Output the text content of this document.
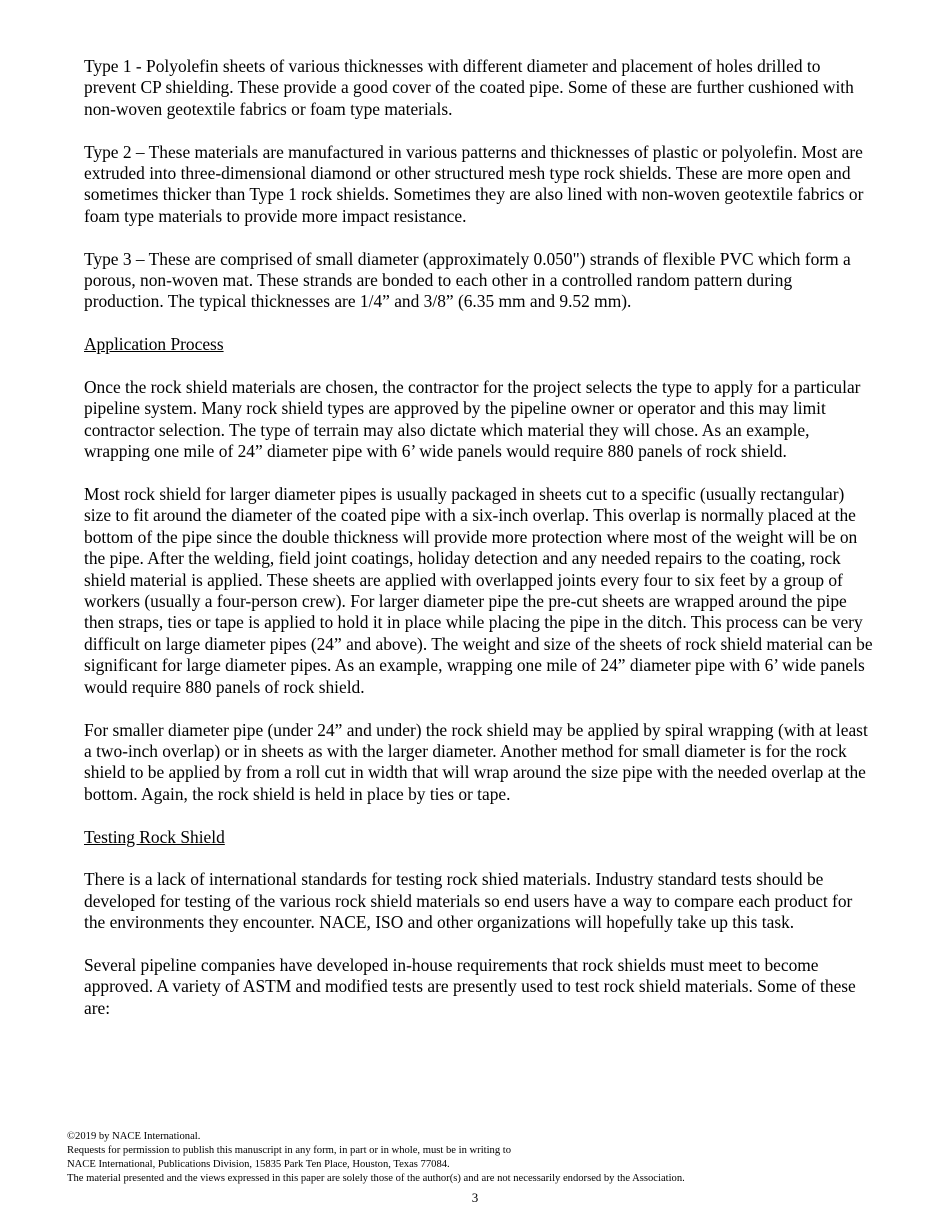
Type 1 - Polyolefin sheets of various thicknesses with different diameter and placement of holes drilled to prevent CP shielding. These provide a good cover of the coated pipe. Some of these are further cushioned with non-woven geotextile fabrics or foam type materials.

Type 2 – These materials are manufactured in various patterns and thicknesses of plastic or polyolefin. Most are extruded into three-dimensional diamond or other structured mesh type rock shields. These are more open and sometimes thicker than Type 1 rock shields. Sometimes they are also lined with non-woven geotextile fabrics or foam type materials to provide more impact resistance.

Type 3 – These are comprised of small diameter (approximately 0.050") strands of flexible PVC which form a porous, non-woven mat. These strands are bonded to each other in a controlled random pattern during production. The typical thicknesses are 1/4” and 3/8” (6.35 mm and 9.52 mm).

Application Process

Once the rock shield materials are chosen, the contractor for the project selects the type to apply for a particular pipeline system. Many rock shield types are approved by the pipeline owner or operator and this may limit contractor selection. The type of terrain may also dictate which material they will chose. As an example, wrapping one mile of 24” diameter pipe with 6’ wide panels would require 880 panels of rock shield.

Most rock shield for larger diameter pipes is usually packaged in sheets cut to a specific (usually rectangular) size to fit around the diameter of the coated pipe with a six-inch overlap. This overlap is normally placed at the bottom of the pipe since the double thickness will provide more protection where most of the weight will be on the pipe. After the welding, field joint coatings, holiday detection and any needed repairs to the coating, rock shield material is applied. These sheets are applied with overlapped joints every four to six feet by a group of workers (usually a four-person crew). For larger diameter pipe the pre-cut sheets are wrapped around the pipe then straps, ties or tape is applied to hold it in place while placing the pipe in the ditch. This process can be very difficult on large diameter pipes (24” and above). The weight and size of the sheets of rock shield material can be significant for large diameter pipes. As an example, wrapping one mile of 24” diameter pipe with 6’ wide panels would require 880 panels of rock shield.

For smaller diameter pipe (under 24” and under) the rock shield may be applied by spiral wrapping (with at least a two-inch overlap) or in sheets as with the larger diameter. Another method for small diameter is for the rock shield to be applied by from a roll cut in width that will wrap around the size pipe with the needed overlap at the bottom. Again, the rock shield is held in place by ties or tape.

Testing Rock Shield

There is a lack of international standards for testing rock shied materials. Industry standard tests should be developed for testing of the various rock shield materials so end users have a way to compare each product for the environments they encounter. NACE, ISO and other organizations will hopefully take up this task.

Several pipeline companies have developed in-house requirements that rock shields must meet to become approved. A variety of ASTM and modified tests are presently used to test rock shield materials. Some of these are:

©2019 by NACE International.
Requests for permission to publish this manuscript in any form, in part or in whole, must be in writing to
NACE International, Publications Division, 15835 Park Ten Place, Houston, Texas 77084.
The material presented and the views expressed in this paper are solely those of the author(s) and are not necessarily endorsed by the Association.
3
